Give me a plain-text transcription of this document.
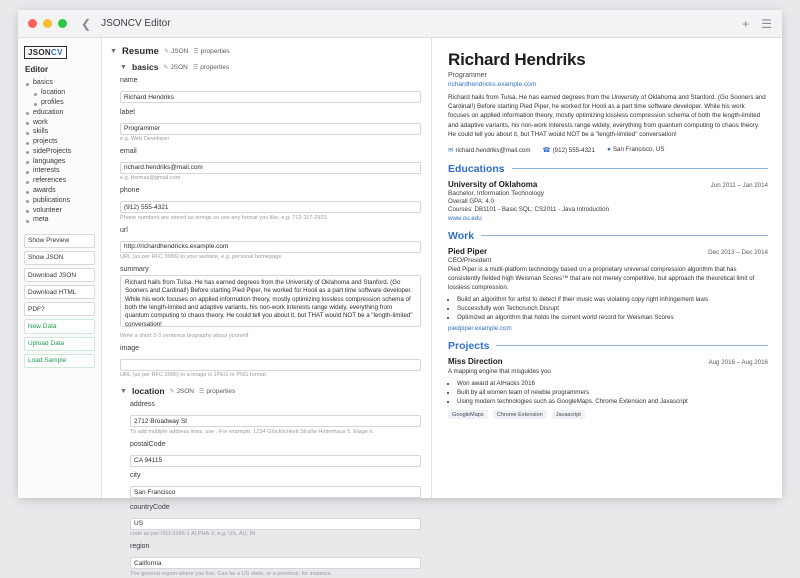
❮ JSONCV Editor	+ ☰
JSONCV
Editor
basics
location
profiles
education
work
skills
projects
sideProjects
languages
interests
references
awards
publications
volunteer
meta
Show Preview
Show JSON
Download JSON
Download HTML
PDF?
New Data
Upload Data
Load Sample
▼ Resume ✎ JSON ☰ properties
▼ basics ✎ JSON ☰ properties
name
Richard Hendriks
label
Programmer
e.g. Web Developer
email
richard.hendriks@mail.com
e.g. thomas@gmail.com
phone
(912) 555-4321
Phone numbers are stored as strings so use any format you like, e.g. 712-117-2923.
url
http://richardhendricks.example.com
URL (as per RFC 3986) to your website, e.g. personal homepage
summary
Richard hails from Tulsa. He has earned degrees from the University of Oklahoma and Stanford. (Go Sooners and Cardinal!) Before starting Pied Piper, he worked for Hooli as a part time software developer. While his work focuses on applied information theory, mostly optimizing lossless compression schema of both the length-limited and adaptive variants, his non-work interests range widely, everything from quantum computing to chaos theory. He could tell you about it, but THAT would NOT be a "length-limited" conversation!
Write a short 2-3 sentence biography about yourself
image
URL (as per RFC 3986) to a image is JPEG or PNG format
▼ location ✎ JSON ☰ properties
address
2712 Broadway St
To add multiple address lines, use . For example, 1234 Glücklichkeit Straße Hinterhaus 5. Etage li.
postalCode
CA 94115
city
San Francisco
countryCode
US
code as per ISO-3166-1 ALPHA-2, e.g. US, AU, IN
region
California
The general region where you live. Can be a US state, or a province, for instance.
Richard Hendriks
Programmer
richardhendricks.example.com
Richard hails from Tulsa. He has earned degrees from the University of Oklahoma and Stanford. (Go Sooners and Cardinal!) Before starting Pied Piper, he worked for Hooli as a part time software developer. While his work focuses on applied information theory, mostly optimizing lossless compression schema of both the length-limited and adaptive variants, his non-work interests range widely, everything from quantum computing to chaos theory. He could tell you about it, but THAT would NOT be a "length-limited" conversation!
✉ richard.hendriks@mail.com ☎ (912) 555-4321 ● San Francisco, US
Educations
University of Oklahoma	Jun 2011 – Jan 2014
Bachelor, Information Technology
Overall GPA: 4.0
Courses: DB1101 - Basic SQL; CS2011 - Java Introduction
www.ou.edu
Work
Pied Piper	Dec 2013 – Dec 2014
CEO/President
Pied Piper is a multi-platform technology based on a proprietary universal compression algorithm that has consistently fielded high Weisman Scores™ that are not merely competitive, but approach the theoretical limit of lossless compression.
• Build an algorithm for artist to detect if their music was violating copy right infringement laws
• Successfully won Techcrunch Disrupt
• Optimized an algorithm that holds the current world record for Weisman Scores
piedpiper.example.com
Projects
Miss Direction	Aug 2016 – Aug 2016
A mapping engine that misguides you
• Won award at AIHacks 2016
• Built by all women team of newbie programmers
• Using modern technologies such as GoogleMaps, Chrome Extension and Javascript
GoogleMaps	Chrome Extension	Javascript
